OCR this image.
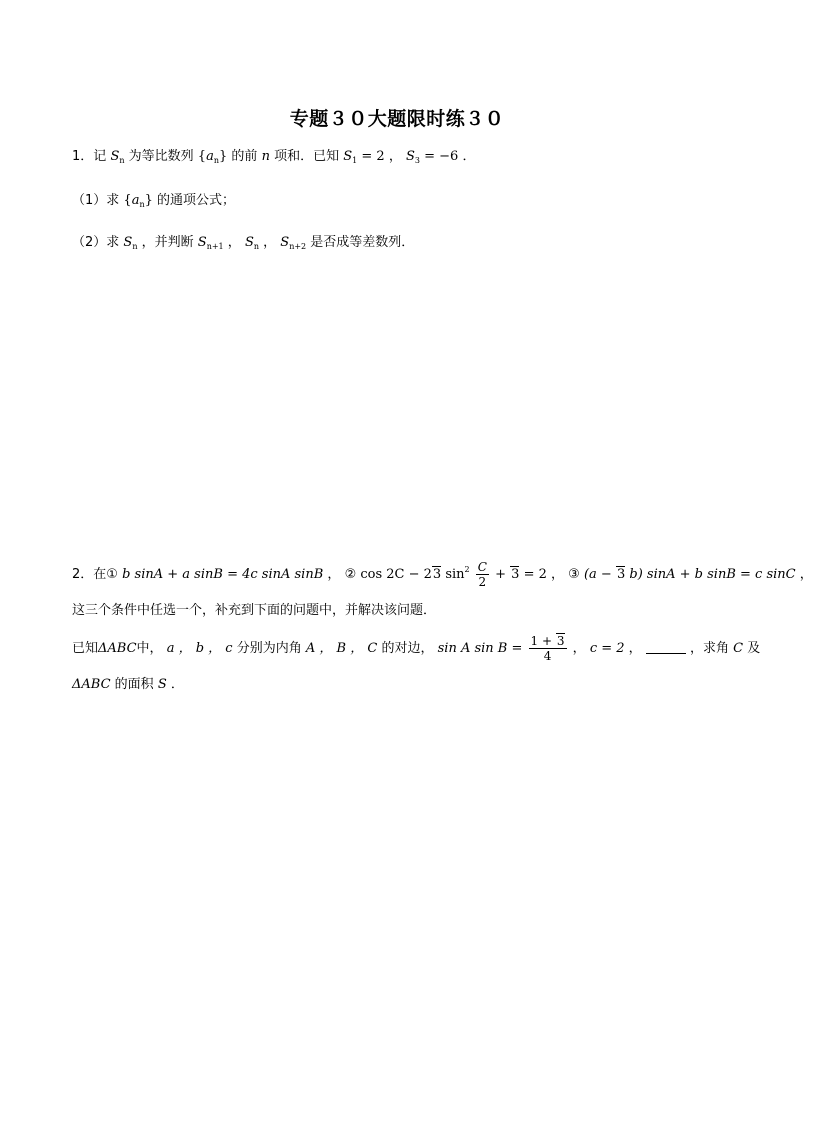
专题３０大题限时练３０
1．记 $S_n$ 为等比数列 $\{a_n\}$ 的前 n 项和．已知 $S_1 = 2$ ， $S_3 = -6$ ．
（1）求 $\{a_n\}$ 的通项公式；
（2）求 $S_n$ ，并判断 $S_{n+1}$ ， $S_n$ ， $S_{n+2}$ 是否成等差数列．
2．在① b sinA + a sinB = 4c sinA sinB ， ② cos 2C − 23 $\sin^2 \frac{C}{2} + 3 = 2$ ， ③ (a − 3 b) sinA + b sinB = c sinC ，
这三个条件中任选一个，补充到下面的问题中，并解决该问题．
已知ΔABC中， a ， b ， c 分别为内角 A ， B ， C 的对边， sin A $\sin B = \frac{1 + 3}{4}$ ， c = 2 ，	，求角 C 及
ΔABC 的面积 S ．
